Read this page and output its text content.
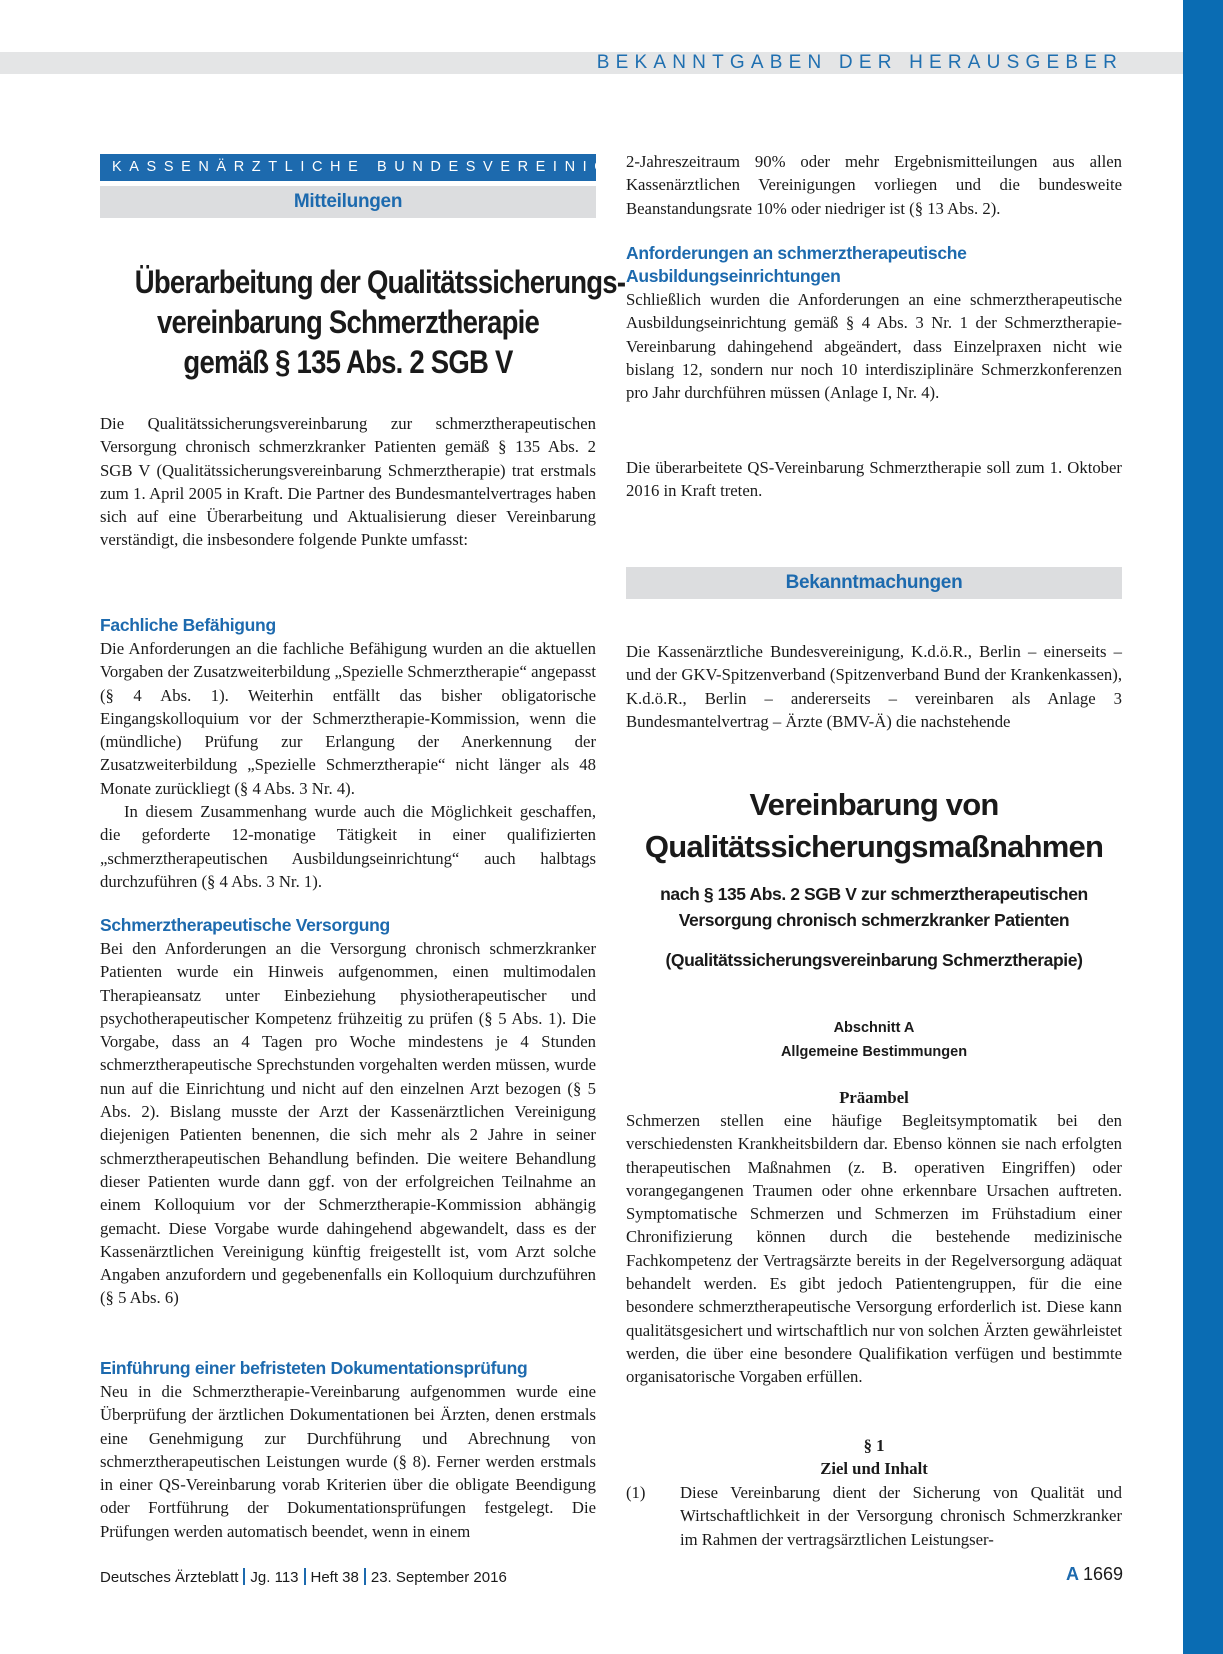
BEKANNTGABEN DER HERAUSGEBER
KASSENÄRZTLICHE BUNDESVEREINIGUNG
Mitteilungen
Überarbeitung der Qualitätssicherungs-
vereinbarung Schmerztherapie
gemäß § 135 Abs. 2 SGB V

Die Qualitätssicherungsvereinbarung zur schmerztherapeutischen Versorgung chronisch schmerzkranker Patienten gemäß § 135 Abs. 2 SGB V (Qualitätssicherungsvereinbarung Schmerztherapie) trat erstmals zum 1. April 2005 in Kraft. Die Partner des Bundesmantelvertrages haben sich auf eine Überarbeitung und Aktualisierung dieser Vereinbarung verständigt, die insbesondere folgende Punkte umfasst:

Fachliche Befähigung

Die Anforderungen an die fachliche Befähigung wurden an die aktuellen Vorgaben der Zusatzweiterbildung „Spezielle Schmerztherapie“ angepasst (§ 4 Abs. 1). Weiterhin entfällt das bisher obligatorische Eingangskolloquium vor der Schmerztherapie-Kommission, wenn die (mündliche) Prüfung zur Erlangung der Anerkennung der Zusatzweiterbildung „Spezielle Schmerztherapie“ nicht länger als 48 Monate zurückliegt (§ 4 Abs. 3 Nr. 4).

In diesem Zusammenhang wurde auch die Möglichkeit geschaffen, die geforderte 12-monatige Tätigkeit in einer qualifizierten „schmerztherapeutischen Ausbildungseinrichtung“ auch halbtags durchzuführen (§ 4 Abs. 3 Nr. 1).

Schmerztherapeutische Versorgung

Bei den Anforderungen an die Versorgung chronisch schmerzkranker Patienten wurde ein Hinweis aufgenommen, einen multimodalen Therapieansatz unter Einbeziehung physiotherapeutischer und psychotherapeutischer Kompetenz frühzeitig zu prüfen (§ 5 Abs. 1). Die Vorgabe, dass an 4 Tagen pro Woche mindestens je 4 Stunden schmerztherapeutische Sprechstunden vorgehalten werden müssen, wurde nun auf die Einrichtung und nicht auf den einzelnen Arzt bezogen (§ 5 Abs. 2). Bislang musste der Arzt der Kassenärztlichen Vereinigung diejenigen Patienten benennen, die sich mehr als 2 Jahre in seiner schmerztherapeutischen Behandlung befinden. Die weitere Behandlung dieser Patienten wurde dann ggf. von der erfolgreichen Teilnahme an einem Kolloquium vor der Schmerztherapie-Kommission abhängig gemacht. Diese Vorgabe wurde dahingehend abgewandelt, dass es der Kassenärztlichen Vereinigung künftig freigestellt ist, vom Arzt solche Angaben anzufordern und gegebenenfalls ein Kolloquium durchzuführen (§ 5 Abs. 6)

Einführung einer befristeten Dokumentationsprüfung

Neu in die Schmerztherapie-Vereinbarung aufgenommen wurde eine Überprüfung der ärztlichen Dokumentationen bei Ärzten, denen erstmals eine Genehmigung zur Durchführung und Abrechnung von schmerztherapeutischen Leistungen wurde (§ 8). Ferner werden erstmals in einer QS-Vereinbarung vorab Kriterien über die obligate Beendigung oder Fortführung der Dokumentationsprüfungen festgelegt. Die Prüfungen werden automatisch beendet, wenn in einem

2-Jahreszeitraum 90% oder mehr Ergebnismitteilungen aus allen Kassenärztlichen Vereinigungen vorliegen und die bundesweite Beanstandungsrate 10% oder niedriger ist (§ 13 Abs. 2).

Anforderungen an schmerztherapeutische
Ausbildungseinrichtungen

Schließlich wurden die Anforderungen an eine schmerztherapeutische Ausbildungseinrichtung gemäß § 4 Abs. 3 Nr. 1 der Schmerztherapie-Vereinbarung dahingehend abgeändert, dass Einzelpraxen nicht wie bislang 12, sondern nur noch 10 interdisziplinäre Schmerzkonferenzen pro Jahr durchführen müssen (Anlage I, Nr. 4).

Die überarbeitete QS-Vereinbarung Schmerztherapie soll zum 1. Oktober 2016 in Kraft treten.

Bekanntmachungen

Die Kassenärztliche Bundesvereinigung, K.d.ö.R., Berlin – einerseits – und der GKV-Spitzenverband (Spitzenverband Bund der Krankenkassen), K.d.ö.R., Berlin – andererseits – vereinbaren als Anlage 3 Bundesmantelvertrag – Ärzte (BMV-Ä) die nachstehende

Vereinbarung von
Qualitätssicherungsmaßnahmen
nach § 135 Abs. 2 SGB V zur schmerztherapeutischen
Versorgung chronisch schmerzkranker Patienten
(Qualitätssicherungsvereinbarung Schmerztherapie)
Abschnitt A
Allgemeine Bestimmungen
Präambel

Schmerzen stellen eine häufige Begleitsymptomatik bei den verschiedensten Krankheitsbildern dar. Ebenso können sie nach erfolgten therapeutischen Maßnahmen (z. B. operativen Eingriffen) oder vorangegangenen Traumen oder ohne erkennbare Ursachen auftreten. Symptomatische Schmerzen und Schmerzen im Frühstadium einer Chronifizierung können durch die bestehende medizinische Fachkompetenz der Vertragsärzte bereits in der Regelversorgung adäquat behandelt werden. Es gibt jedoch Patientengruppen, für die eine besondere schmerztherapeutische Versorgung erforderlich ist. Diese kann qualitätsgesichert und wirtschaftlich nur von solchen Ärzten gewährleistet werden, die über eine besondere Qualifikation verfügen und bestimmte organisatorische Vorgaben erfüllen.

§ 1
Ziel und Inhalt
(1) Diese Vereinbarung dient der Sicherung von Qualität und Wirtschaftlichkeit in der Versorgung chronisch Schmerzkranker im Rahmen der vertragsärztlichen Leistungser-
Deutsches Ärzteblatt Jg. 113 Heft 38 23. September 2016	A 1669
